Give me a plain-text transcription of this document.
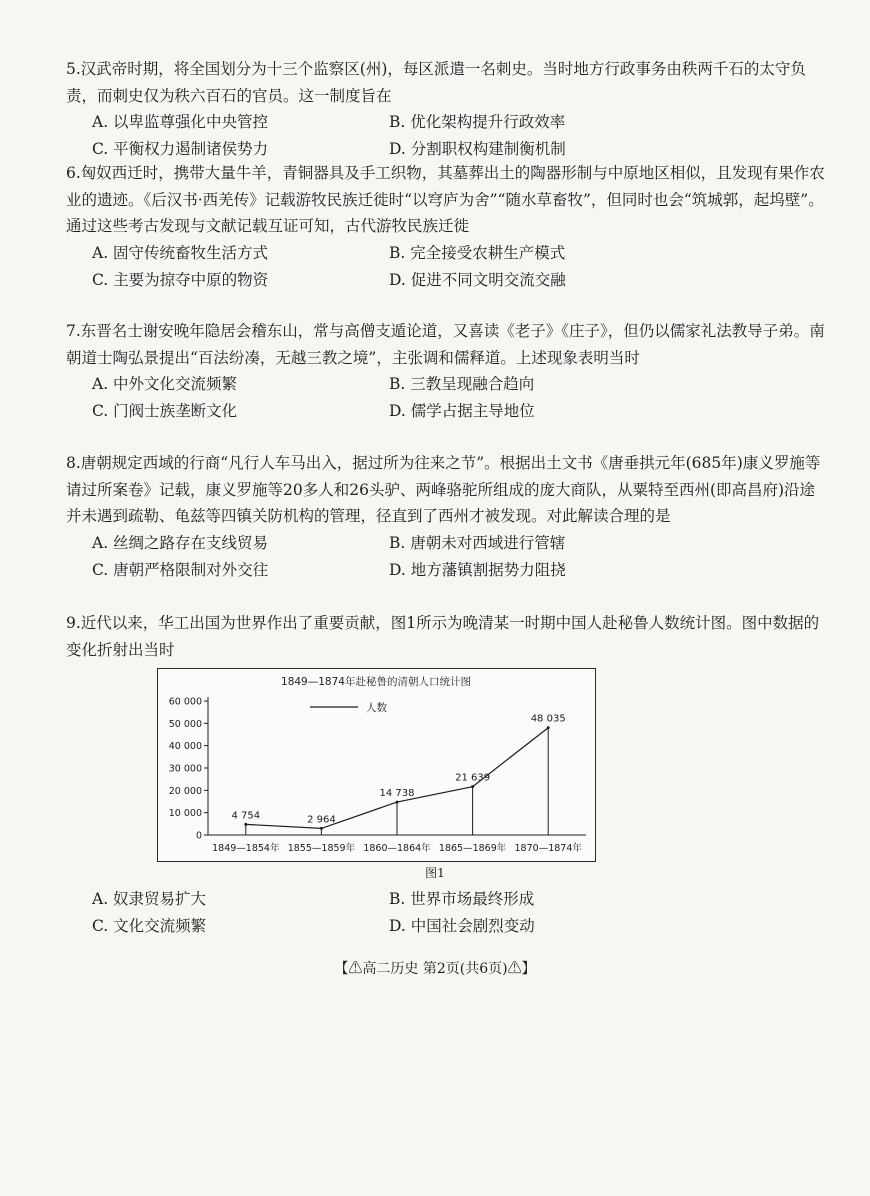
5.汉武帝时期，将全国划分为十三个监察区(州)，每区派遣一名刺史。当时地方行政事务由秩两千石的太守负责，而刺史仅为秩六百石的官员。这一制度旨在

A. 以卑监尊强化中央管控	B. 优化架构提升行政效率
C. 平衡权力遏制诸侯势力	D. 分割职权构建制衡机制

6.匈奴西迁时，携带大量牛羊，青铜器具及手工织物，其墓葬出土的陶器形制与中原地区相似，且发现有果作农业的遗迹。《后汉书·西羌传》记载游牧民族迁徙时“以穹庐为舍”“随水草畜牧”，但同时也会“筑城郭，起坞壁”。通过这些考古发现与文献记载互证可知，古代游牧民族迁徙

A. 固守传统畜牧生活方式	B. 完全接受农耕生产模式
C. 主要为掠夺中原的物资	D. 促进不同文明交流交融

7.东晋名士谢安晚年隐居会稽东山，常与高僧支遁论道，又喜读《老子》《庄子》，但仍以儒家礼法教导子弟。南朝道士陶弘景提出“百法纷凑，无越三教之境”，主张调和儒释道。上述现象表明当时

A. 中外文化交流频繁	B. 三教呈现融合趋向
C. 门阀士族垄断文化	D. 儒学占据主导地位

8.唐朝规定西域的行商“凡行人车马出入，据过所为往来之节”。根据出土文书《唐垂拱元年(685年)康义罗施等请过所案卷》记载，康义罗施等20多人和26头驴、两峰骆驼所组成的庞大商队，从粟特至西州(即高昌府)沿途并未遇到疏勒、龟兹等四镇关防机构的管理，径直到了西州才被发现。对此解读合理的是

A. 丝绸之路存在支线贸易	B. 唐朝未对西域进行管辖
C. 唐朝严格限制对外交往	D. 地方藩镇割据势力阻挠

9.近代以来，华工出国为世界作出了重要贡献，图1所示为晚清某一时期中国人赴秘鲁人数统计图。图中数据的变化折射出当时

1849—1874年赴秘鲁的清朝人口统计图
人数
0
10 000
20 000
30 000
40 000
50 000
60 000
1849—1854年 1855—1859年 1860—1864年 1865—1869年 1870—1874年
4 754	2 964
14 738
21 639
48 035
图1
A. 奴隶贸易扩大	B. 世界市场最终形成
C. 文化交流频繁	D. 中国社会剧烈变动
【⚠高二历史 第2页(共6页)⚠】
